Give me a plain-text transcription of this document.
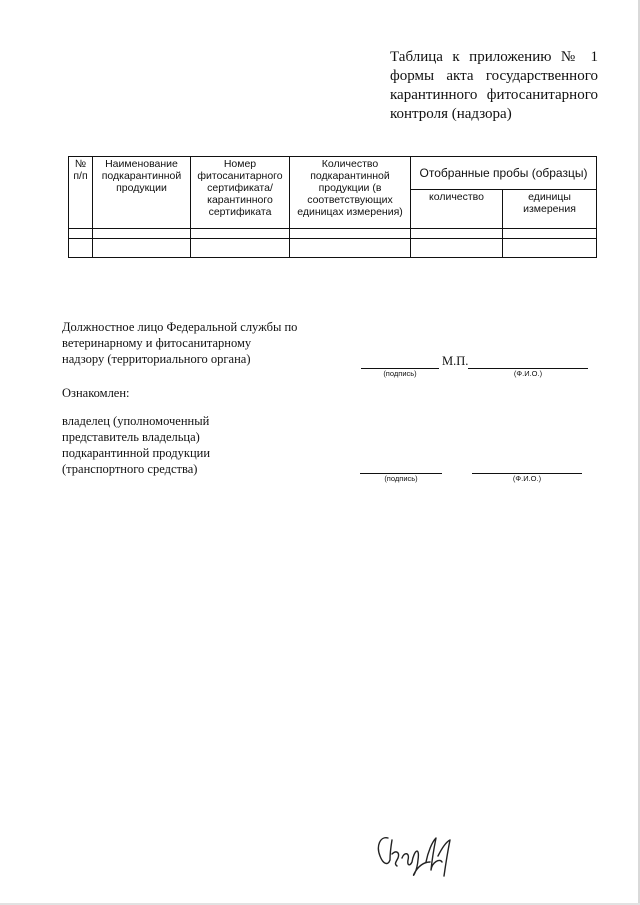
Таблица к приложению № 1
формы акта государственного
карантинного фитосанитарного
контроля (надзора)
№ п/п	Наименование подкарантинной продукции	Номер фитосанитарного сертификата/ карантинного сертификата	Количество подкарантинной продукции (в соответствующих единицах измерения)	Отобранные пробы (образцы)	
				количество	единицы измерения

Должностное лицо Федеральной службы по
ветеринарному и фитосанитарному
надзору (территориального органа)
(подпись)
М.П.
(Ф.И.О.)
Ознакомлен:
владелец (уполномоченный
представитель владельца)
подкарантинной продукции
(транспортного средства)
(подпись)	(Ф.И.О.)
